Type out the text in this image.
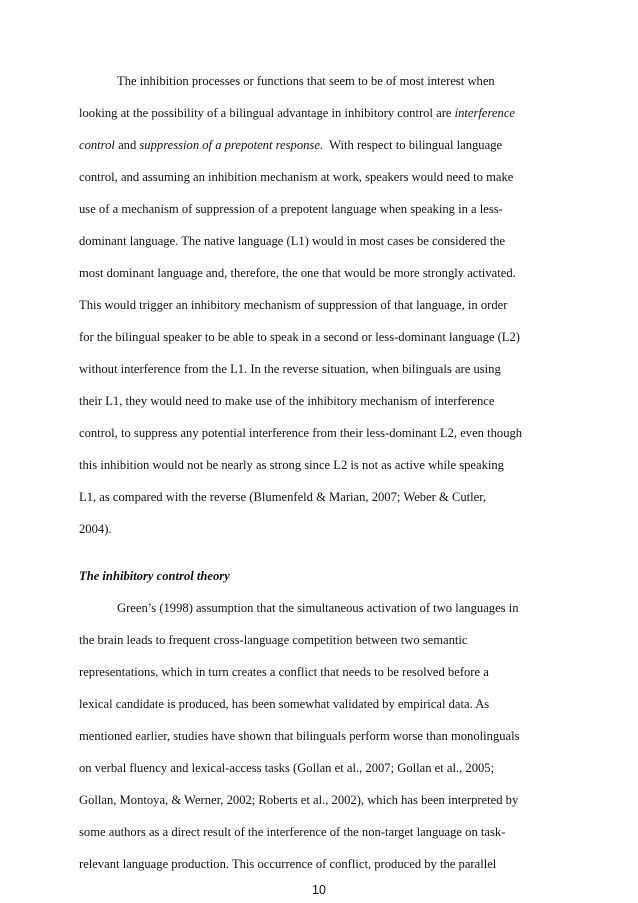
The inhibition processes or functions that seem to be of most interest when
looking at the possibility of a bilingual advantage in inhibitory control are interference
control and suppression of a prepotent response.  With respect to bilingual language
control, and assuming an inhibition mechanism at work, speakers would need to make
use of a mechanism of suppression of a prepotent language when speaking in a less-
dominant language. The native language (L1) would in most cases be considered the
most dominant language and, therefore, the one that would be more strongly activated.
This would trigger an inhibitory mechanism of suppression of that language, in order
for the bilingual speaker to be able to speak in a second or less-dominant language (L2)
without interference from the L1. In the reverse situation, when bilinguals are using
their L1, they would need to make use of the inhibitory mechanism of interference
control, to suppress any potential interference from their less-dominant L2, even though
this inhibition would not be nearly as strong since L2 is not as active while speaking
L1, as compared with the reverse (Blumenfeld & Marian, 2007; Weber & Cutler,
2004).
The inhibitory control theory
Green’s (1998) assumption that the simultaneous activation of two languages in
the brain leads to frequent cross-language competition between two semantic
representations, which in turn creates a conflict that needs to be resolved before a
lexical candidate is produced, has been somewhat validated by empirical data. As
mentioned earlier, studies have shown that bilinguals perform worse than monolinguals
on verbal fluency and lexical-access tasks (Gollan et al., 2007; Gollan et al., 2005;
Gollan, Montoya, & Werner, 2002; Roberts et al., 2002), which has been interpreted by
some authors as a direct result of the interference of the non-target language on task-
relevant language production. This occurrence of conflict, produced by the parallel
10
